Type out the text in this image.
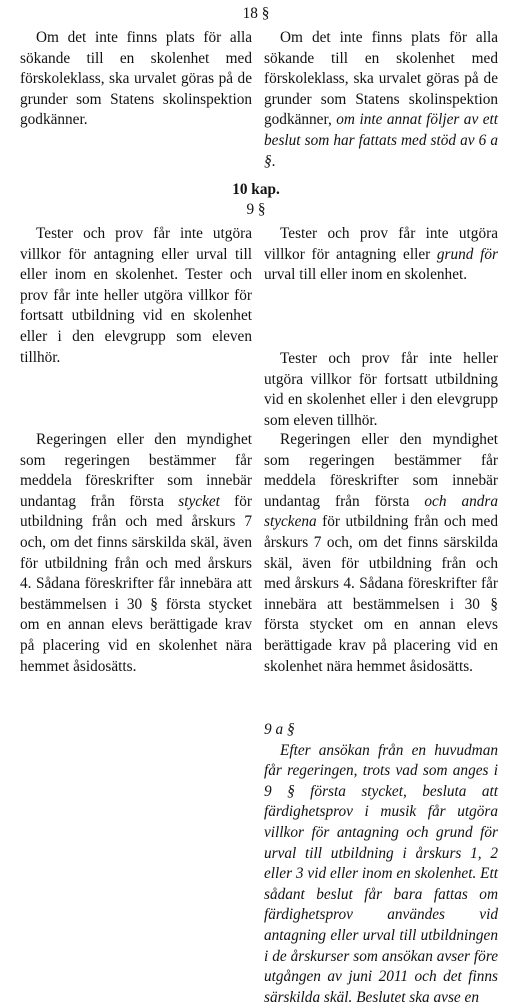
18 §

Om det inte finns plats för alla sökande till en skolenhet med förskoleklass, ska urvalet göras på de grunder som Statens skolinspektion godkänner.

Om det inte finns plats för alla sökande till en skolenhet med förskoleklass, ska urvalet göras på de grunder som Statens skolinspektion godkänner, om inte annat följer av ett beslut som har fattats med stöd av 6 a §.

10 kap.
9 §

Tester och prov får inte utgöra villkor för antagning eller urval till eller inom en skolenhet. Tester och prov får inte heller utgöra villkor för fortsatt utbildning vid en skolenhet eller i den elevgrupp som eleven tillhör.

Tester och prov får inte utgöra villkor för antagning eller grund för urval till eller inom en skolenhet.

Tester och prov får inte heller utgöra villkor för fortsatt utbildning vid en skolenhet eller i den elevgrupp som eleven tillhör.

Regeringen eller den myndighet som regeringen bestämmer får meddela föreskrifter som innebär undantag från första stycket för utbildning från och med årskurs 7 och, om det finns särskilda skäl, även för utbildning från och med årskurs 4. Sådana föreskrifter får innebära att bestämmelsen i 30 § första stycket om en annan elevs berättigade krav på placering vid en skolenhet nära hemmet åsidosätts.

Regeringen eller den myndighet som regeringen bestämmer får meddela föreskrifter som innebär undantag från första och andra styckena för utbildning från och med årskurs 7 och, om det finns särskilda skäl, även för utbildning från och med årskurs 4. Sådana föreskrifter får innebära att bestämmelsen i 30 § första stycket om en annan elevs berättigade krav på placering vid en skolenhet nära hemmet åsidosätts.

9 a §

Efter ansökan från en huvudman får regeringen, trots vad som anges i 9 § första stycket, besluta att färdighetsprov i musik får utgöra villkor för antagning och grund för urval till utbildning i årskurs 1, 2 eller 3 vid eller inom en skolenhet. Ett sådant beslut får bara fattas om färdighetsprov användes vid antagning eller urval till utbildningen i de årskurser som ansökan avser före utgången av juni 2011 och det finns särskilda skäl. Beslutet ska avse en
